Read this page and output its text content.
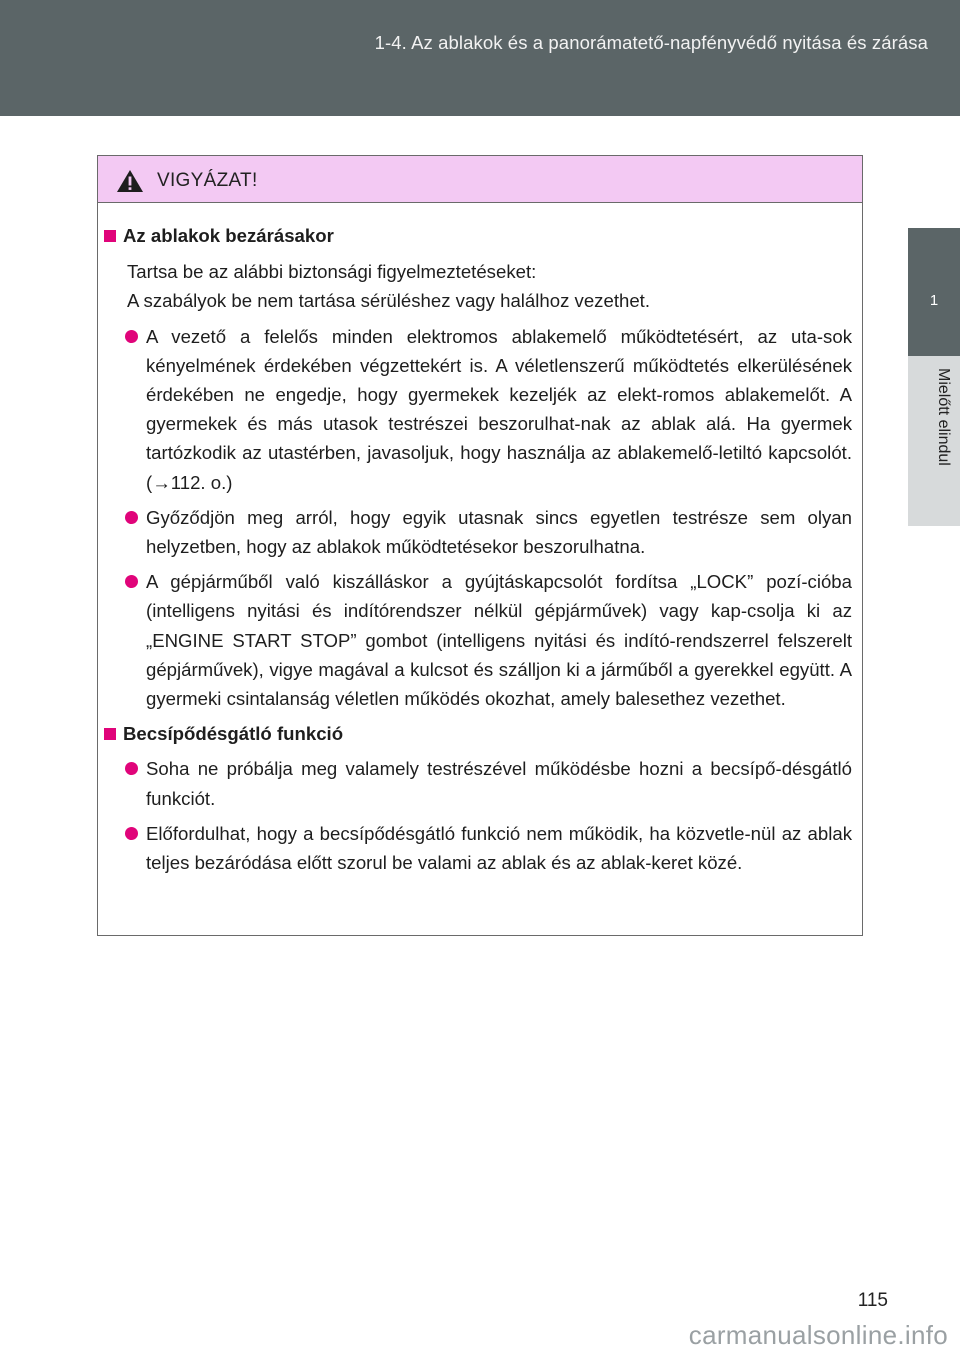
1-4. Az ablakok és a panorámatető-napfényvédő nyitása és zárása
1
Mielőtt elindul
VIGYÁZAT!
Az ablakok bezárásakor
Tartsa be az alábbi biztonsági figyelmeztetéseket:
A szabályok be nem tartása sérüléshez vagy halálhoz vezethet.
A vezető a felelős minden elektromos ablakemelő működtetésért, az uta-sok kényelmének érdekében végzettekért is. A véletlenszerű működtetés elkerülésének érdekében ne engedje, hogy gyermekek kezeljék az elekt-romos ablakemelőt. A gyermekek és más utasok testrészei beszorulhat-nak az ablak alá. Ha gyermek tartózkodik az utastérben, javasoljuk, hogy használja az ablakemelő-letiltó kapcsolót. (→112. o.)
Győződjön meg arról, hogy egyik utasnak sincs egyetlen testrésze sem olyan helyzetben, hogy az ablakok működtetésekor beszorulhatna.
A gépjárműből való kiszálláskor a gyújtáskapcsolót fordítsa „LOCK” pozí-cióba (intelligens nyitási és indítórendszer nélkül gépjárművek) vagy kap-csolja ki az „ENGINE START STOP” gombot (intelligens nyitási és indító-rendszerrel felszerelt gépjárművek), vigye magával a kulcsot és szálljon ki a járműből a gyerekkel együtt. A gyermeki csintalanság véletlen működés okozhat, amely balesethez vezethet.
Becsípődésgátló funkció
Soha ne próbálja meg valamely testrészével működésbe hozni a becsípő-désgátló funkciót.
Előfordulhat, hogy a becsípődésgátló funkció nem működik, ha közvetle-nül az ablak teljes bezáródása előtt szorul be valami az ablak és az ablak-keret közé.
115
carmanualsonline.info
